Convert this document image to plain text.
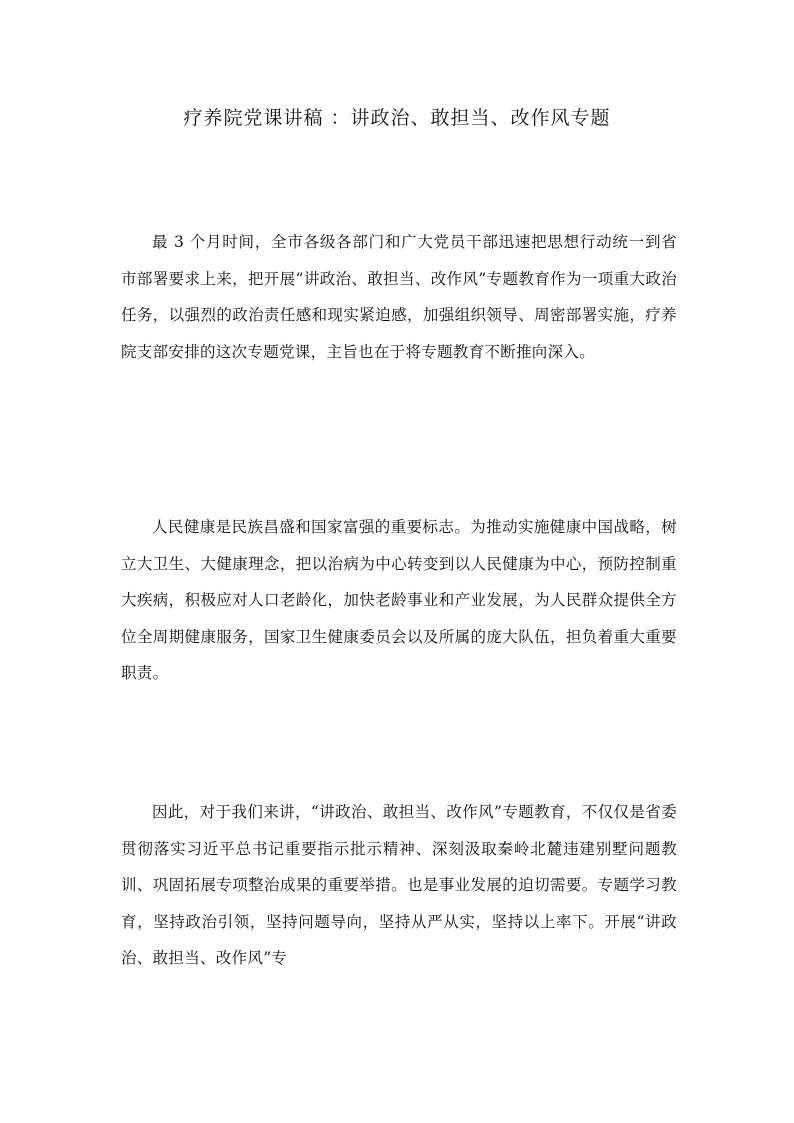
疗养院党课讲稿 ：讲政治、敢担当、改作风专题

最 3 个月时间，全市各级各部门和广大党员干部迅速把思想行动统一到省市部署要求上来，把开展“讲政治、敢担当、改作风”专题教育作为一项重大政治任务，以强烈的政治责任感和现实紧迫感，加强组织领导、周密部署实施，疗养院支部安排的这次专题党课，主旨也在于将专题教育不断推向深入。

人民健康是民族昌盛和国家富强的重要标志。为推动实施健康中国战略，树立大卫生、大健康理念，把以治病为中心转变到以人民健康为中心，预防控制重大疾病，积极应对人口老龄化，加快老龄事业和产业发展，为人民群众提供全方位全周期健康服务，国家卫生健康委员会以及所属的庞大队伍，担负着重大重要职责。

因此，对于我们来讲，“讲政治、敢担当、改作风”专题教育，不仅仅是省委贯彻落实习近平总书记重要指示批示精神、深刻汲取秦岭北麓违建别墅问题教训、巩固拓展专项整治成果的重要举措。也是事业发展的迫切需要。专题学习教育，坚持政治引领，坚持问题导向，坚持从严从实，坚持以上率下。开展“讲政治、敢担当、改作风”专
